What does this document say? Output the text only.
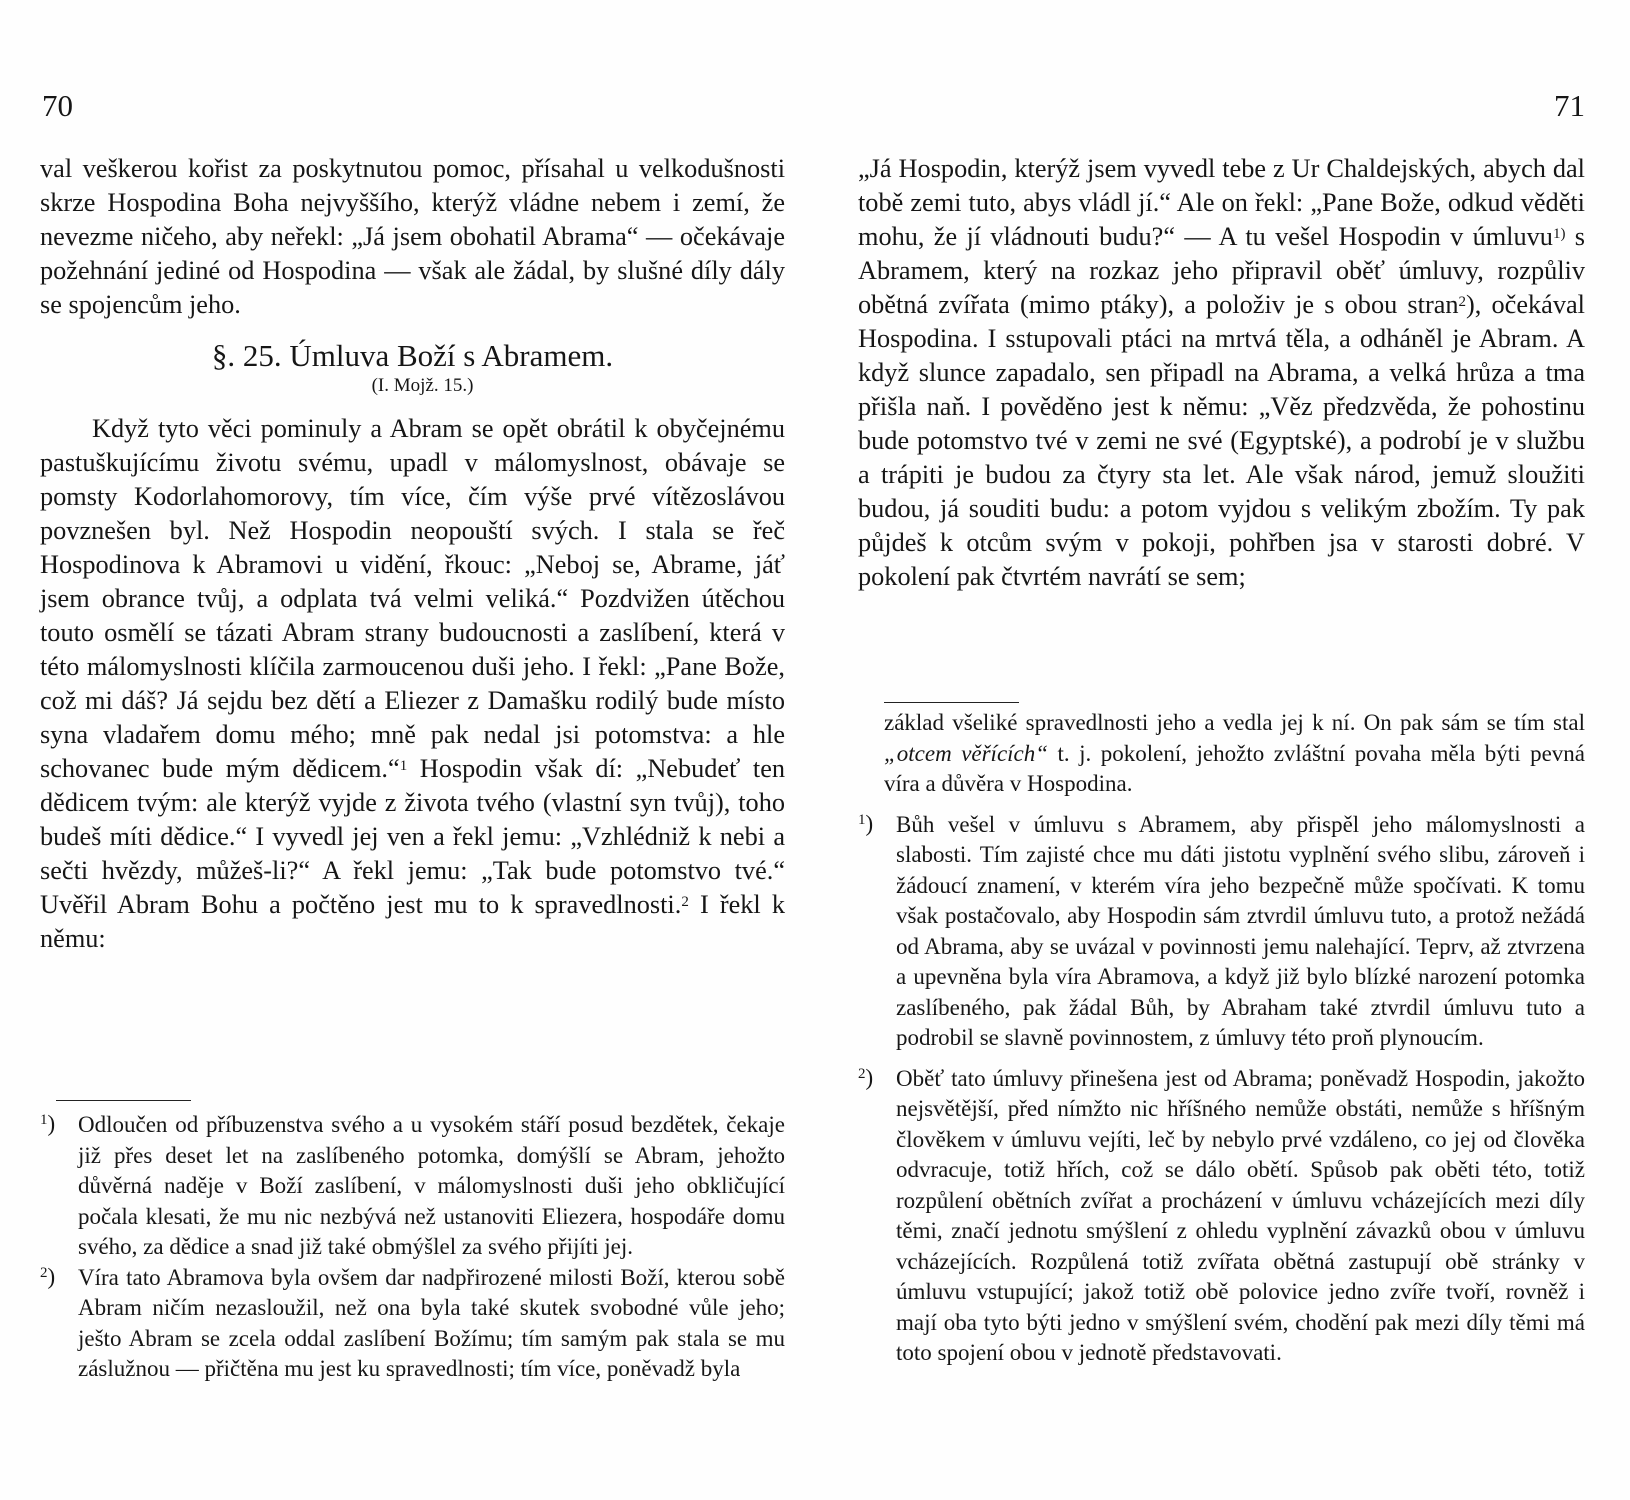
70

val veškerou kořist za poskytnutou pomoc, přísahal u velkodušnosti skrze Hospodina Boha nejvyššího, kterýž vládne nebem i zemí, že nevezme ničeho, aby neřekl: „Já jsem obohatil Abrama“ — očekávaje požehnání jediné od Hospodina — však ale žádal, by slušné díly dály se spojencům jeho.

§. 25. Úmluva Boží s Abramem.
(I. Mojž. 15.)

Když tyto věci pominuly a Abram se opět obrátil k obyčejnému pastuškujícímu životu svému, upadl v málomyslnost, obávaje se pomsty Kodorlahomorovy, tím více, čím výše prvé vítězoslávou povznešen byl. Než Hospodin neopouští svých. I stala se řeč Hospodinova k Abramovi u vidění, řkouc: „Neboj se, Abrame, jáť jsem obrance tvůj, a odplata tvá velmi veliká.“ Pozdvižen útěchou touto osmělí se tázati Abram strany budoucnosti a zaslíbení, která v této málomyslnosti klíčila zarmoucenou duši jeho. I řekl: „Pane Bože, což mi dáš? Já sejdu bez dětí a Eliezer z Damašku rodilý bude místo syna vladařem domu mého; mně pak nedal jsi potomstva: a hle schovanec bude mým dědicem.“$^1$ Hospodin však dí: „Nebudeť ten dědicem tvým: ale kterýž vyjde z života tvého (vlastní syn tvůj), toho budeš míti dědice.“ I vyvedl jej ven a řekl jemu: „Vzhlédniž k nebi a sečti hvězdy, můžeš-li?“ A řekl jemu: „Tak bude potomstvo tvé.“ Uvěřil Abram Bohu a počtěno jest mu to k spravedlnosti.$^2$ I řekl k němu:

$^1$) Odloučen od příbuzenstva svého a u vysokém stáří posud bezdětek, čekaje již přes deset let na zaslíbeného potomka, domýšlí se Abram, jehožto důvěrná naděje v Boží zaslíbení, v málomyslnosti duši jeho obkličující počala klesati, že mu nic nezbývá než ustanoviti Eliezera, hospodáře domu svého, za dědice a snad již také obmýšlel za svého přijíti jej.

$^2$) Víra tato Abramova byla ovšem dar nadpřirozené milosti Boží, kterou sobě Abram ničím nezasloužil, než ona byla také skutek svobodné vůle jeho; ješto Abram se zcela oddal zaslíbení Božímu; tím samým pak stala se mu záslužnou — přičtěna mu jest ku spravedlnosti; tím více, poněvadž byla

71

„Já Hospodin, kterýž jsem vyvedl tebe z Ur Chaldejských, abych dal tobě zemi tuto, abys vládl jí.“ Ale on řekl: „Pane Bože, odkud věděti mohu, že jí vládnouti budu?“ — A tu vešel Hospodin v úmluvu$^{1)}$ s Abramem, který na rozkaz jeho připravil oběť úmluvy, rozpůliv obětná zvířata (mimo ptáky), a položiv je s obou stran$^2$), očekával Hospodina. I sstupovali ptáci na mrtvá těla, a odháněl je Abram. A když slunce zapadalo, sen připadl na Abrama, a velká hrůza a tma přišla naň. I pověděno jest k němu: „Věz předzvěda, že pohostinu bude potomstvo tvé v zemi ne své (Egyptské), a podrobí je v službu a trápiti je budou za čtyry sta let. Ale však národ, jemuž sloužiti budou, já souditi budu: a potom vyjdou s velikým zbožím. Ty pak půjdeš k otcům svým v pokoji, pohřben jsa v starosti dobré. V pokolení pak čtvrtém navrátí se sem;

základ všeliké spravedlnosti jeho a vedla jej k ní. On pak sám se tím stal „otcem věřících“ t. j. pokolení, jehožto zvláštní povaha měla býti pevná víra a důvěra v Hospodina.

$^1$) Bůh vešel v úmluvu s Abramem, aby přispěl jeho málomyslnosti a slabosti. Tím zajisté chce mu dáti jistotu vyplnění svého slibu, zároveň i žádoucí znamení, v kterém víra jeho bezpečně může spočívati. K tomu však postačovalo, aby Hospodin sám ztvrdil úmluvu tuto, a protož nežádá od Abrama, aby se uvázal v povinnosti jemu nalehající. Teprv, až ztvrzena a upevněna byla víra Abramova, a když již bylo blízké narození potomka zaslíbeného, pak žádal Bůh, by Abraham také ztvrdil úmluvu tuto a podrobil se slavně povinnostem, z úmluvy této proň plynoucím.

$^2$) Oběť tato úmluvy přinešena jest od Abrama; poněvadž Hospodin, jakožto nejsvětější, před nímžto nic hříšného nemůže obstáti, nemůže s hříšným člověkem v úmluvu vejíti, leč by nebylo prvé vzdáleno, co jej od člověka odvracuje, totiž hřích, což se dálo obětí. Spůsob pak oběti této, totiž rozpůlení obětních zvířat a procházení v úmluvu vcházejících mezi díly těmi, značí jednotu smýšlení z ohledu vyplnění závazků obou v úmluvu vcházejících. Rozpůlená totiž zvířata obětná zastupují obě stránky v úmluvu vstupující; jakož totiž obě polovice jedno zvíře tvoří, rovněž i mají oba tyto býti jedno v smýšlení svém, chodění pak mezi díly těmi má toto spojení obou v jednotě představovati.
